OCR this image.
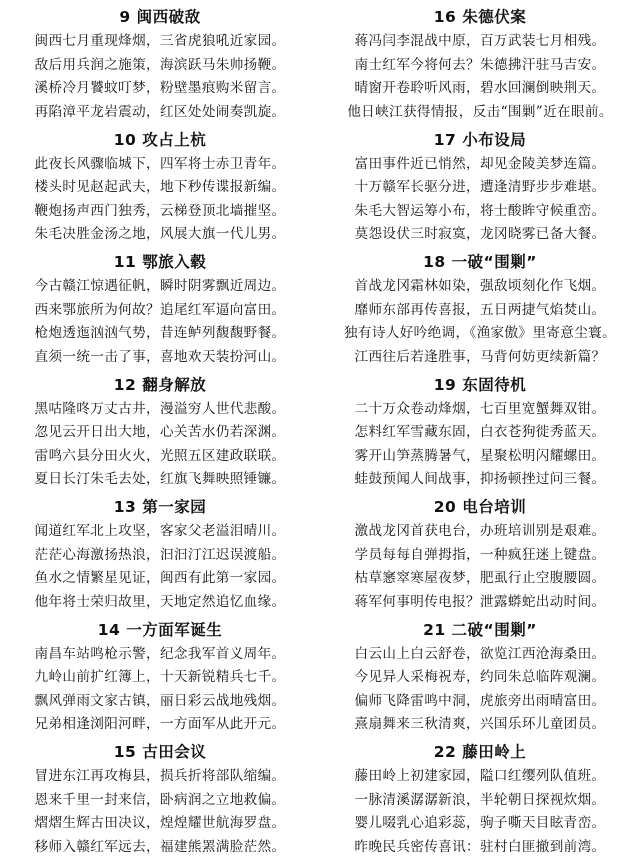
9 闽西破敌
闽西七月重现烽烟，三省虎狼吼近家园。
敌后用兵润之施策，海滨跃马朱帅扬鞭。
溪桥冷月饕蚊叮梦，粉壁墨痕购米留言。
再陷漳平龙岩震动，红区处处闹奏凯旋。
10 攻占上杭
此夜长风骤临城下，四军将士赤卫青年。
楼头时见赵起武夫，地下秒传谍报新编。
鞭炮扬声西门独秀，云梯登顶北墙摧坚。
朱毛决胜金汤之地，风展大旗一代儿男。
11 鄂旅入毂
今古赣江惊遇征帆，瞬时阴雾飘近周边。
西来鄂旅所为何故？追尾红军逼向富田。
枪炮透迤汹汹气势，昔连鲈列馥馥野餐。
直须一统一击了事，喜地欢天装扮河山。
12 翻身解放
黑咕隆咚万丈古井，漫溢穷人世代悲酸。
忽见云开日出大地，心关苦水仍若深渊。
雷鸣六县分田火火，光照五区建政联联。
夏日长汀朱毛去处，红旗飞舞映照锤镰。
13 第一家园
闻道红军北上攻坚，客家父老溢泪晴川。
茫茫心海激扬热浪，汩汩汀江迟误渡船。
鱼水之情繁星见证，闽西有此第一家园。
他年将士荣归故里，天地定然追忆血缘。
14 一方面军诞生
南昌车站鸣枪示警，纪念我军首义周年。
九岭山前扩红簿上，十天新锐精兵七千。
飘风弹雨文家古镇，丽日彩云战地残烟。
兄弟相逢浏阳河畔，一方面军从此开元。
15 古田会议
冒进东江再攻梅县，损兵折将部队缩编。
恩来千里一封来信，卧病润之立地救偏。
熠熠生辉古田决议，煌煌耀世航海罗盘。
移师入赣红军远去，福建熊罴满脸茫然。
16 朱德伏案
蒋冯闫李混战中原，百万武装七月相残。
南士红军今将何去？朱德拂汗驻马吉安。
晴窗开卷聆听风雨，碧水回澜倒映荆天。
他日峡江获得情报，反击“围剿”近在眼前。
17 小布设局
富田事件近已悄然，却见金陵美梦连篇。
十万赣军长驱分进，遭逢清野步步难堪。
朱毛大智运筹小布，将士酸眸守候重峦。
莫怨设伏三时寂寞，龙冈晓雾已备大餐。
18 一破“围剿”
首战龙冈霜林如染，强敌顷刻化作飞烟。
靡师东部再传喜报，五日两捷气焰焚山。
独有诗人好吟绝调，《渔家傲》里寄意尘寰。
江西往后若逢胜事，马背何妨更续新篇？
19 东固待机
二十万众卷动烽烟，七百里宽蟹舞双钳。
怎料红军雪藏东固，白衣苍狗徙秀蓝天。
雾开山笋蒸腾暑气，星聚松明闪耀螺田。
蛙鼓预闻人间战事，抑扬顿挫过问三餐。
20 电台培训
激战龙冈首获电台，办班培训别是艰难。
学员每每自弹拇指，一种疯狂迷上键盘。
枯草窸窣寒屋夜梦，肥虱行止空腹腰圆。
蒋军何事明传电报？泄露蟒蛇出动时间。
21 二破“围剿”
白云山上白云舒卷，欲览江西沧海桑田。
今见异人采梅祝寿，约同朱总临阵观澜。
偏师飞降雷鸣中洞，虎旅旁出雨晴富田。
熹扇舞来三秋清爽，兴国乐环儿童团员。
22 藤田岭上
藤田岭上初建家园，隘口红缨列队值班。
一脉清溪潺潺新浪，半轮朝日探视炊烟。
婴儿啜乳心追彩蕊，驹子嘶天目眩青峦。
昨晚民兵密传喜讯：驻村白匪撤到前湾。
